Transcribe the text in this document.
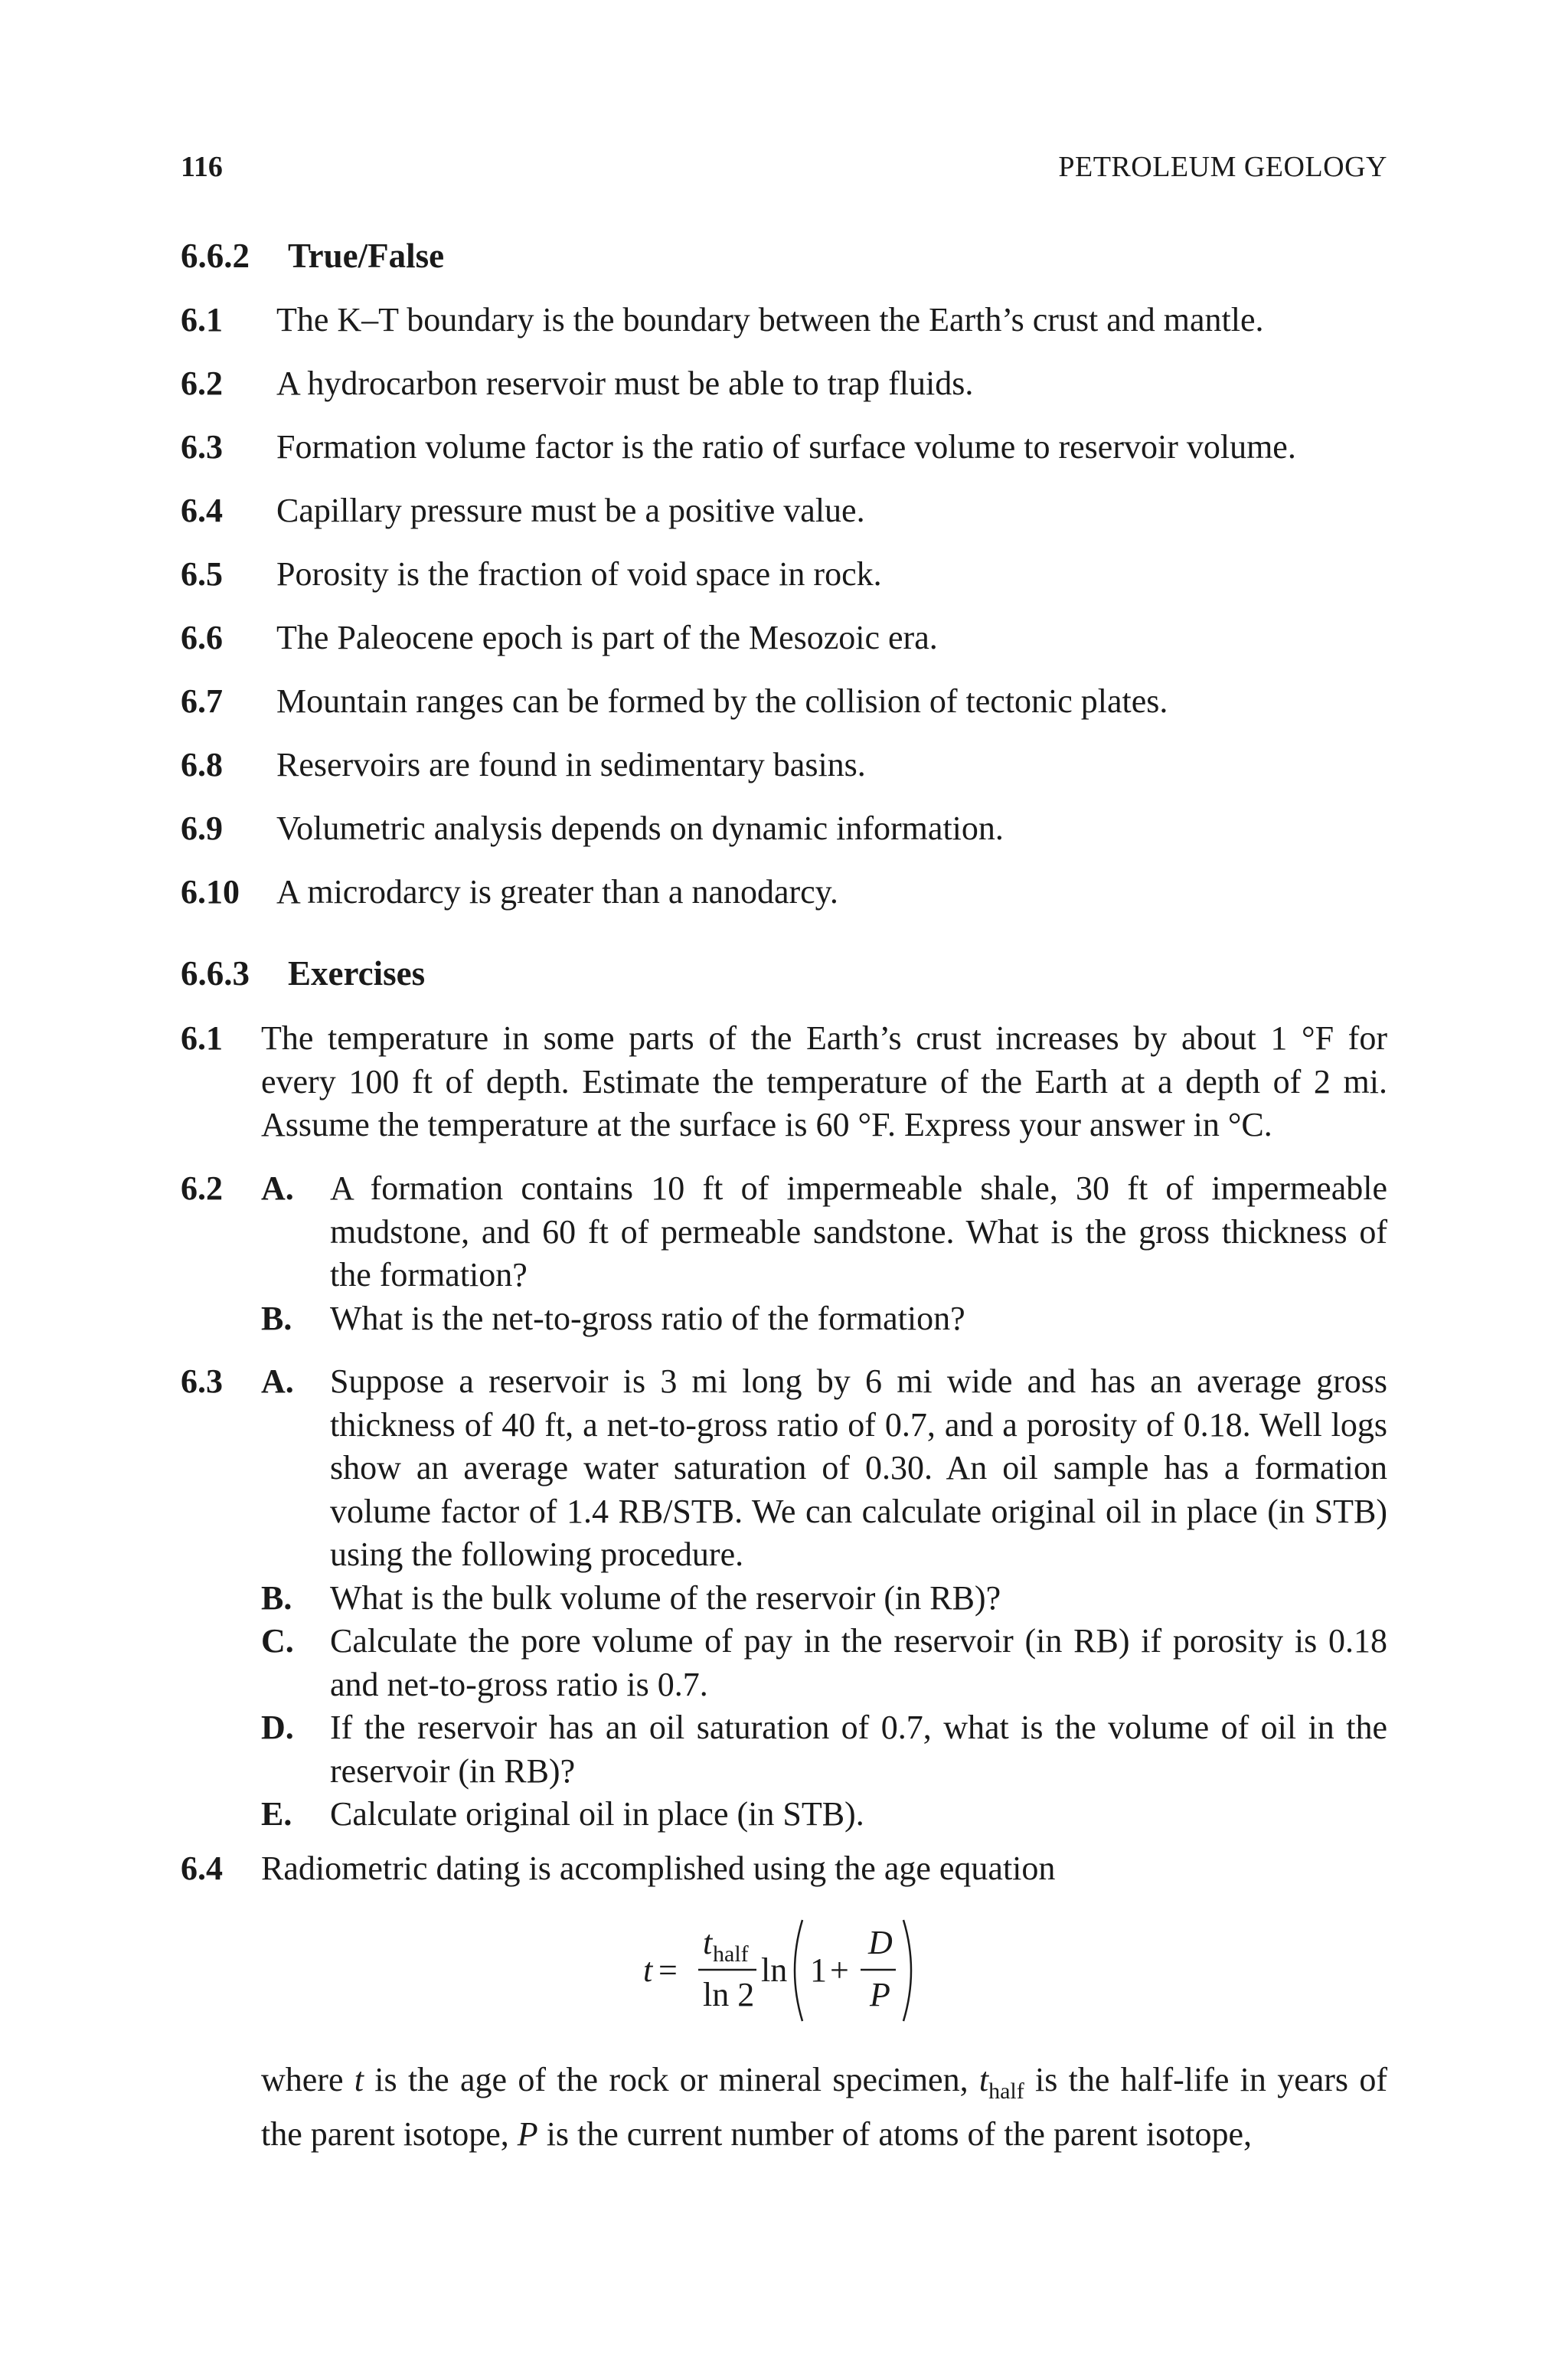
116	PETROLEUM GEOLOGY
6.6.2 True/False
6.1 The K–T boundary is the boundary between the Earth’s crust and mantle.
6.2 A hydrocarbon reservoir must be able to trap fluids.
6.3 Formation volume factor is the ratio of surface volume to reservoir volume.
6.4 Capillary pressure must be a positive value.
6.5 Porosity is the fraction of void space in rock.
6.6 The Paleocene epoch is part of the Mesozoic era.
6.7 Mountain ranges can be formed by the collision of tectonic plates.
6.8 Reservoirs are found in sedimentary basins.
6.9 Volumetric analysis depends on dynamic information.
6.10 A microdarcy is greater than a nanodarcy.
6.6.3 Exercises
6.1 The temperature in some parts of the Earth’s crust increases by about 1 °F for every 100 ft of depth. Estimate the temperature of the Earth at a depth of 2 mi. Assume the temperature at the surface is 60 °F. Express your answer in °C.
6.2 A. A formation contains 10 ft of impermeable shale, 30 ft of impermeable mudstone, and 60 ft of permeable sandstone. What is the gross thickness of the formation?
B. What is the net-to-gross ratio of the formation?
6.3 A. Suppose a reservoir is 3 mi long by 6 mi wide and has an average gross thickness of 40 ft, a net-to-gross ratio of 0.7, and a porosity of 0.18. Well logs show an average water saturation of 0.30. An oil sample has a formation volume factor of 1.4 RB/STB. We can calculate original oil in place (in STB) using the following procedure.
B. What is the bulk volume of the reservoir (in RB)?
C. Calculate the pore volume of pay in the reservoir (in RB) if porosity is 0.18 and net-to-gross ratio is 0.7.
D. If the reservoir has an oil saturation of 0.7, what is the volume of oil in the reservoir (in RB)?
E. Calculate original oil in place (in STB).
6.4 Radiometric dating is accomplished using the age equation
t =
t half
ln 2
ln 1 +
D
P
where t is the age of the rock or mineral specimen, $t_{half}$ is the half-life in years of the parent isotope, P is the current number of atoms of the parent isotope,
